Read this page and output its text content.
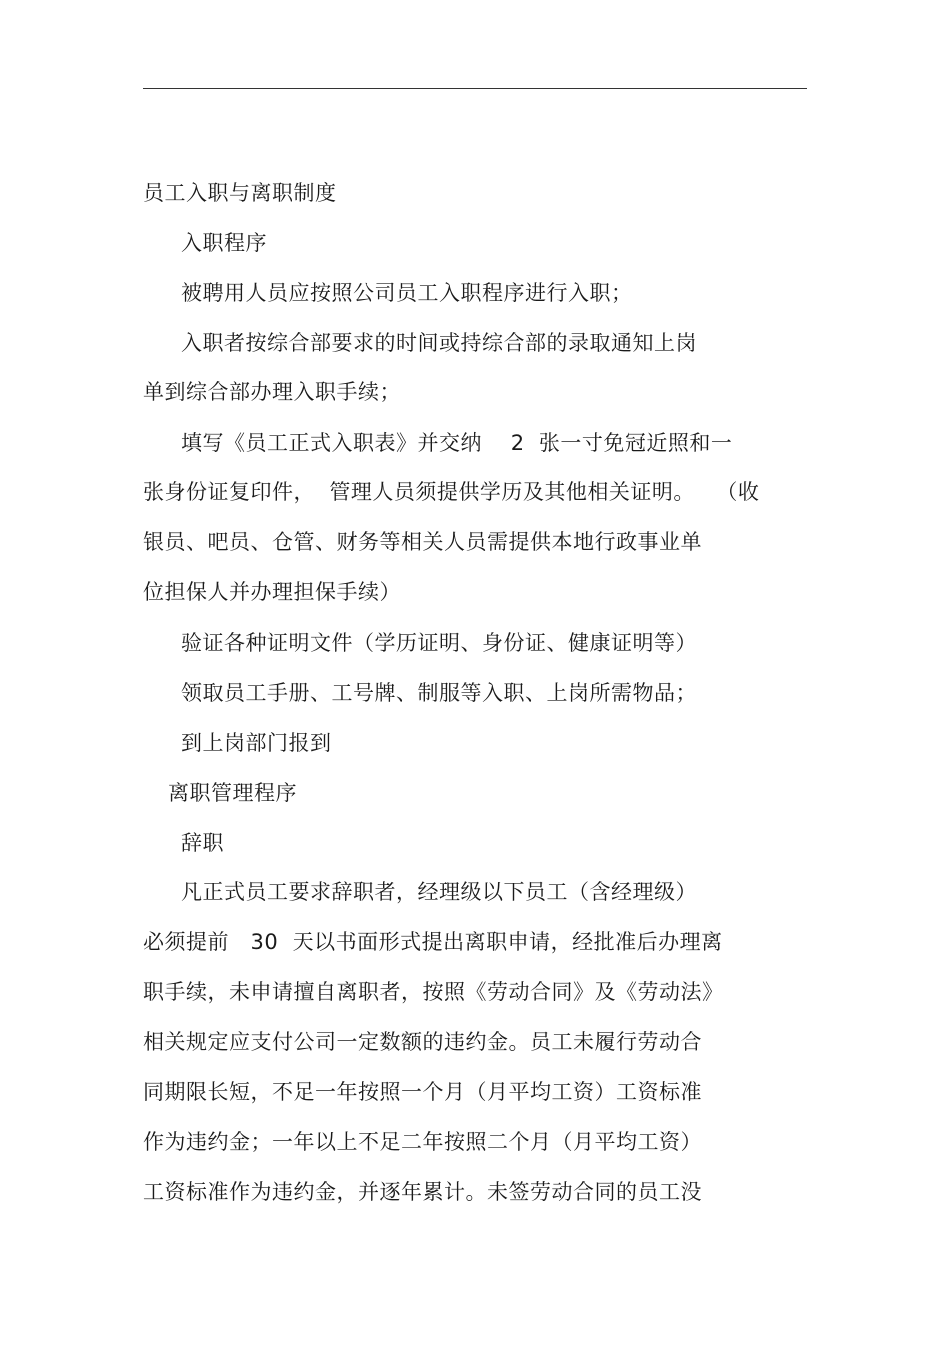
员工入职与离职制度
入职程序
被聘用人员应按照公司员工入职程序进行入职；
入职者按综合部要求的时间或持综合部的录取通知上岗
单到综合部办理入职手续；
填写《员工正式入职表》并交纳    2  张一寸免冠近照和一
张身份证复印件，  管理人员须提供学历及其他相关证明。   （收
银员、吧员、仓管、财务等相关人员需提供本地行政事业单
位担保人并办理担保手续）
验证各种证明文件（学历证明、身份证、健康证明等）
领取员工手册、工号牌、制服等入职、上岗所需物品；
到上岗部门报到
离职管理程序
辞职
凡正式员工要求辞职者，经理级以下员工（含经理级）
必须提前   30  天以书面形式提出离职申请，经批准后办理离
职手续，未申请擅自离职者，按照《劳动合同》及《劳动法》
相关规定应支付公司一定数额的违约金。员工未履行劳动合
同期限长短，不足一年按照一个月（月平均工资）工资标准
作为违约金；一年以上不足二年按照二个月（月平均工资）
工资标准作为违约金，并逐年累计。未签劳动合同的员工没
